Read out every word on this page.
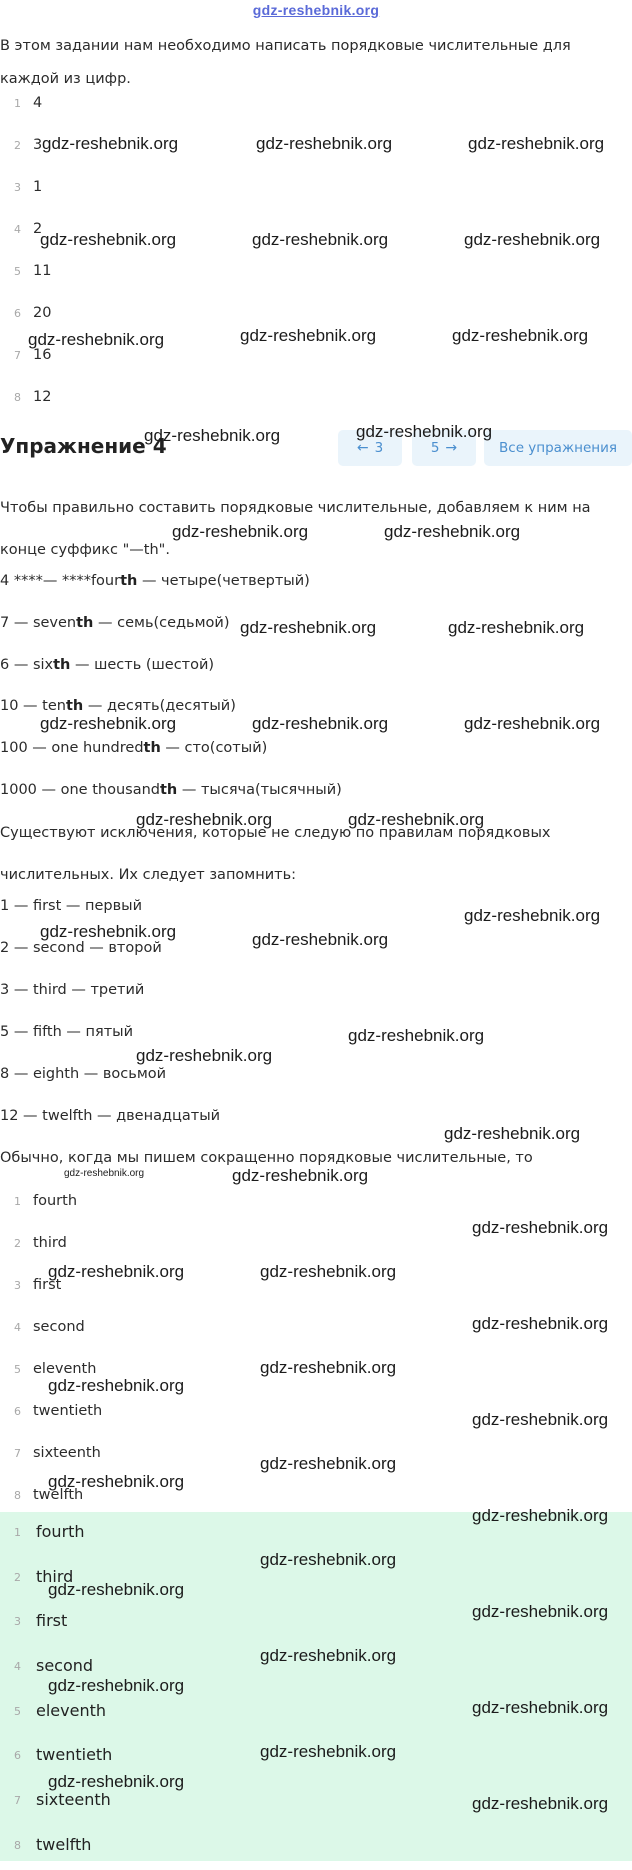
gdz-reshebnik.org
В этом задании нам необходимо написать порядковые числительные для каждой из цифр.
1 4
2 3
3 1
4 2
5 11
6 20
7 16
8 12
Упражнение 4	← 3	5 →	Все упражнения
Чтобы правильно составить порядковые числительные, добавляем к ним на конце суффикс "—th".
4 ****— ****fourth — четыре(четвертый)
7 — seventh — семь(седьмой)
6 — sixth — шесть (шестой)
10 — tenth — десять(десятый)
100 — one hundredth — сто(сотый)
1000 — one thousandth — тысяча(тысячный)
Существуют исключения, которые не следую по правилам порядковых числительных. Их следует запомнить:
1 — first — первый
2 — second — второй
3 — third — третий
5 — fifth — пятый
8 — eighth — восьмой
12 — twelfth — двенадцатый
Обычно, когда мы пишем сокращенно порядковые числительные, то
1 fourth
2 third
3 first
4 second
5 eleventh
6 twentieth
7 sixteenth
8 twelfth
1 fourth
2 third
3 first
4 second
5 eleventh
6 twentieth
7 sixteenth
8 twelfth
gdz-reshebnik.org	gdz-reshebnik.org	gdz-reshebnik.org
gdz-reshebnik.org	gdz-reshebnik.org	gdz-reshebnik.org
gdz-reshebnik.org	gdz-reshebnik.org	gdz-reshebnik.org
gdz-reshebnik.org	gdz-reshebnik.org
gdz-reshebnik.org	gdz-reshebnik.org
gdz-reshebnik.org	gdz-reshebnik.org
gdz-reshebnik.org	gdz-reshebnik.org	gdz-reshebnik.org
gdz-reshebnik.org	gdz-reshebnik.org
gdz-reshebnik.org	gdz-reshebnik.org
gdz-reshebnik.org
gdz-reshebnik.org
gdz-reshebnik.org
gdz-reshebnik.org
gdz-reshebnik.org	gdz-reshebnik.org
gdz-reshebnik.org
gdz-reshebnik.org	gdz-reshebnik.org
gdz-reshebnik.org
gdz-reshebnik.org
gdz-reshebnik.org
gdz-reshebnik.org
gdz-reshebnik.org
gdz-reshebnik.org
gdz-reshebnik.org
gdz-reshebnik.org
gdz-reshebnik.org
gdz-reshebnik.org
gdz-reshebnik.org
gdz-reshebnik.org
gdz-reshebnik.org
gdz-reshebnik.org
gdz-reshebnik.org
gdz-reshebnik.org
